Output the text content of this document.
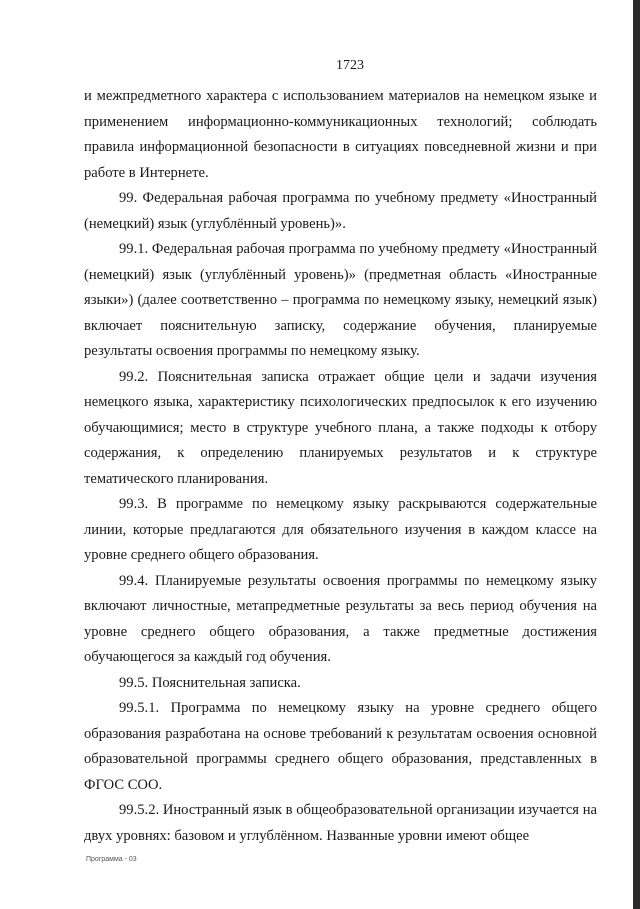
1723

и межпредметного характера с использованием материалов на немецком языке и применением информационно-коммуникационных технологий; соблюдать правила информационной безопасности в ситуациях повседневной жизни и при работе в Интернете.

99. Федеральная рабочая программа по учебному предмету «Иностранный (немецкий) язык (углублённый уровень)».

99.1. Федеральная рабочая программа по учебному предмету «Иностранный (немецкий) язык (углублённый уровень)» (предметная область «Иностранные языки») (далее соответственно – программа по немецкому языку, немецкий язык) включает пояснительную записку, содержание обучения, планируемые результаты освоения программы по немецкому языку.

99.2. Пояснительная записка отражает общие цели и задачи изучения немецкого языка, характеристику психологических предпосылок к его изучению обучающимися; место в структуре учебного плана, а также подходы к отбору содержания, к определению планируемых результатов и к структуре тематического планирования.

99.3. В программе по немецкому языку раскрываются содержательные линии, которые предлагаются для обязательного изучения в каждом классе на уровне среднего общего образования.

99.4. Планируемые результаты освоения программы по немецкому языку включают личностные, метапредметные результаты за весь период обучения на уровне среднего общего образования, а также предметные достижения обучающегося за каждый год обучения.

99.5. Пояснительная записка.

99.5.1. Программа по немецкому языку на уровне среднего общего образования разработана на основе требований к результатам освоения основной образовательной программы среднего общего образования, представленных в ФГОС СОО.

99.5.2. Иностранный язык в общеобразовательной организации изучается на двух уровнях: базовом и углублённом. Названные уровни имеют общее

Программа - 03
